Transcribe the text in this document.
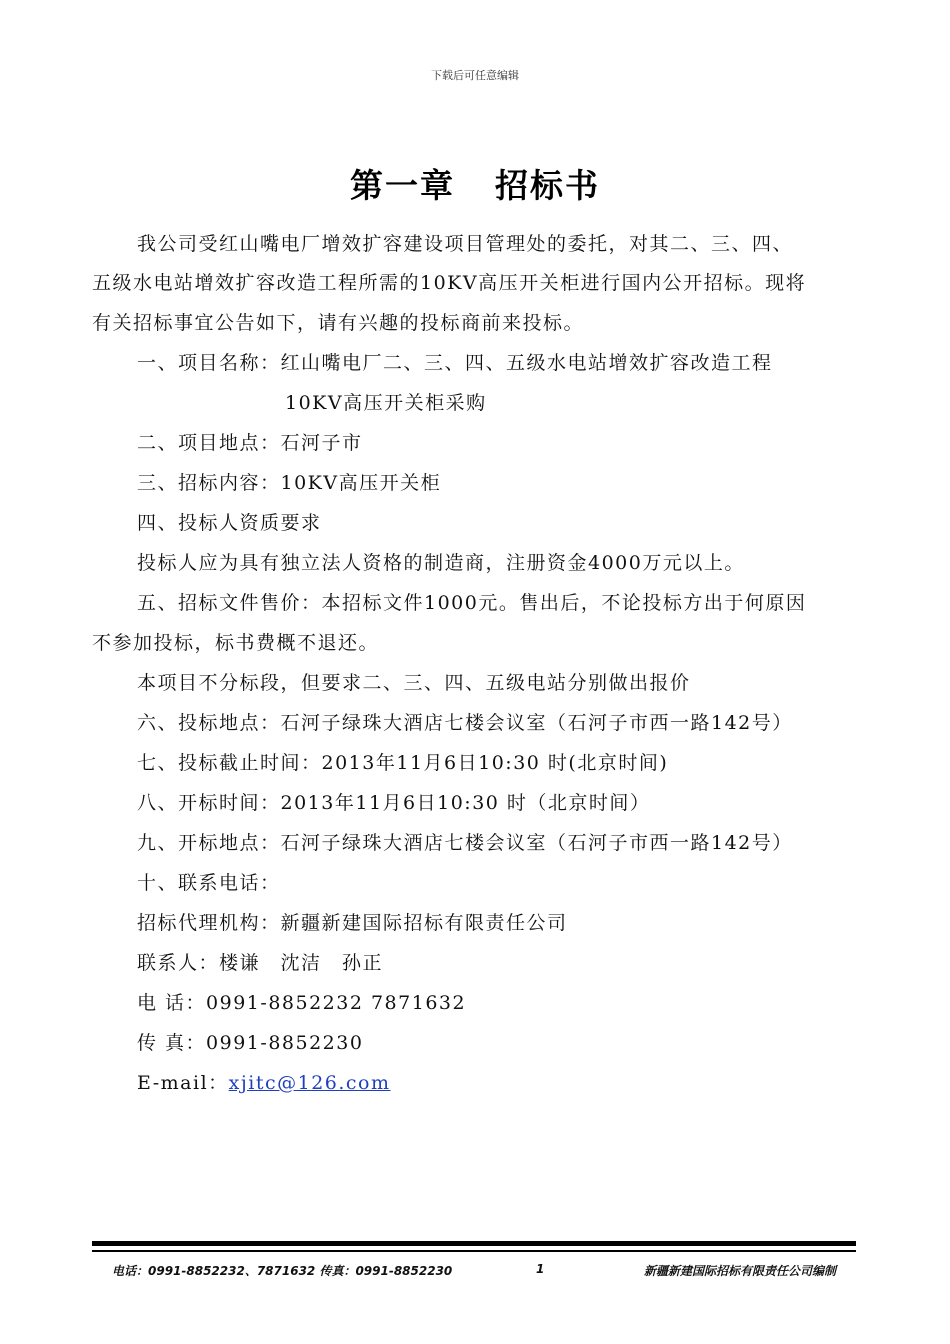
下载后可任意编辑
第一章 招标书
我公司受红山嘴电厂增效扩容建设项目管理处的委托，对其二、三、四、
五级水电站增效扩容改造工程所需的10KV高压开关柜进行国内公开招标。现将
有关招标事宜公告如下，请有兴趣的投标商前来投标。
一、项目名称：红山嘴电厂二、三、四、五级水电站增效扩容改造工程
10KV高压开关柜采购
二、项目地点：石河子市
三、招标内容：10KV高压开关柜
四、投标人资质要求
投标人应为具有独立法人资格的制造商，注册资金4000万元以上。
五、招标文件售价：本招标文件1000元。售出后，不论投标方出于何原因
不参加投标，标书费概不退还。
本项目不分标段，但要求二、三、四、五级电站分别做出报价
六、投标地点：石河子绿珠大酒店七楼会议室（石河子市西一路142号）
七、投标截止时间：2013年11月6日10:30 时(北京时间)
八、开标时间：2013年11月6日10:30 时（北京时间）
九、开标地点：石河子绿珠大酒店七楼会议室（石河子市西一路142号）
十、联系电话：
招标代理机构：新疆新建国际招标有限责任公司
联系人：楼谦　沈洁　孙正
电 话：0991-8852232 7871632
传 真：0991-8852230
E-mail：xjitc@126.com
电话：0991-8852232、7871632 传真：0991-8852230	1	新疆新建国际招标有限责任公司编制
